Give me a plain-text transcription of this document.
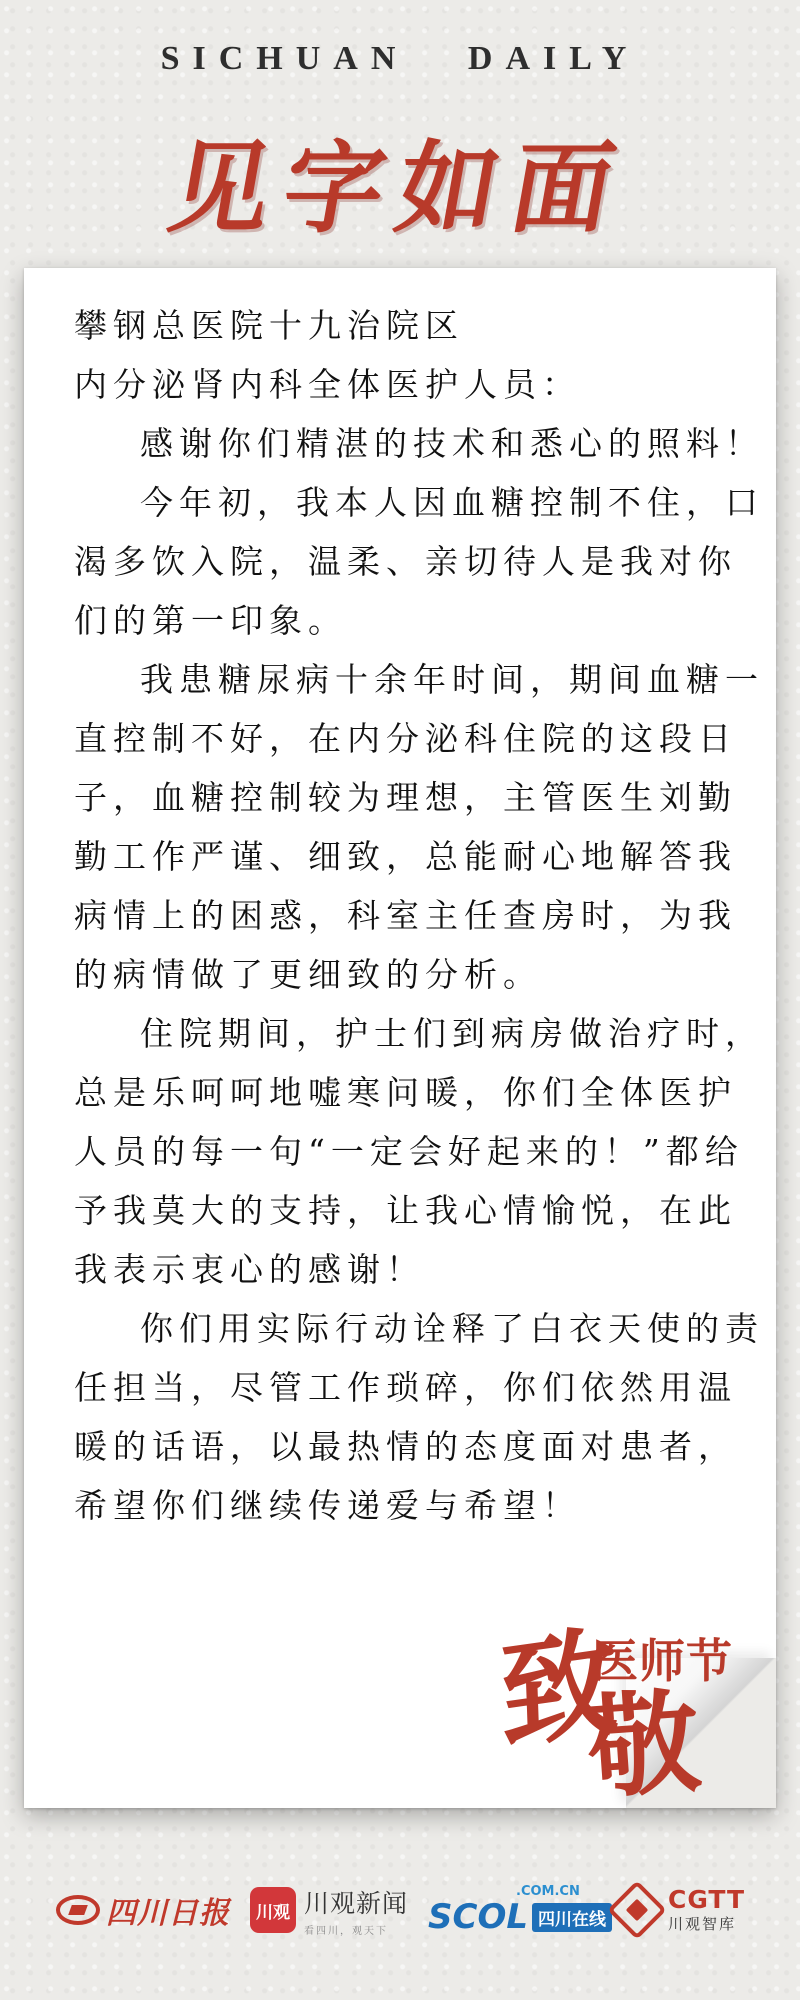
SICHUAN DAILY
见字如面
攀钢总医院十九治院区
内分泌肾内科全体医护人员：

感谢你们精湛的技术和悉心的照料！

今年初，我本人因血糖控制不住，口渴多饮入院，温柔、亲切待人是我对你们的第一印象。

我患糖尿病十余年时间，期间血糖一直控制不好，在内分泌科住院的这段日子，血糖控制较为理想，主管医生刘勤勤工作严谨、细致，总能耐心地解答我病情上的困惑，科室主任查房时，为我的病情做了更细致的分析。

住院期间，护士们到病房做治疗时，总是乐呵呵地嘘寒问暖，你们全体医护人员的每一句“一定会好起来的！”都给予我莫大的支持，让我心情愉悦，在此我表示衷心的感谢！

你们用实际行动诠释了白衣天使的责任担当，尽管工作琐碎，你们依然用温暖的话语，以最热情的态度面对患者，希望你们继续传递爱与希望！

致
敬
医师节
四川日报	川观 川观新闻
看四川，观天下
.COM.CN
SCOL 四川在线
CGTT
川观智库
